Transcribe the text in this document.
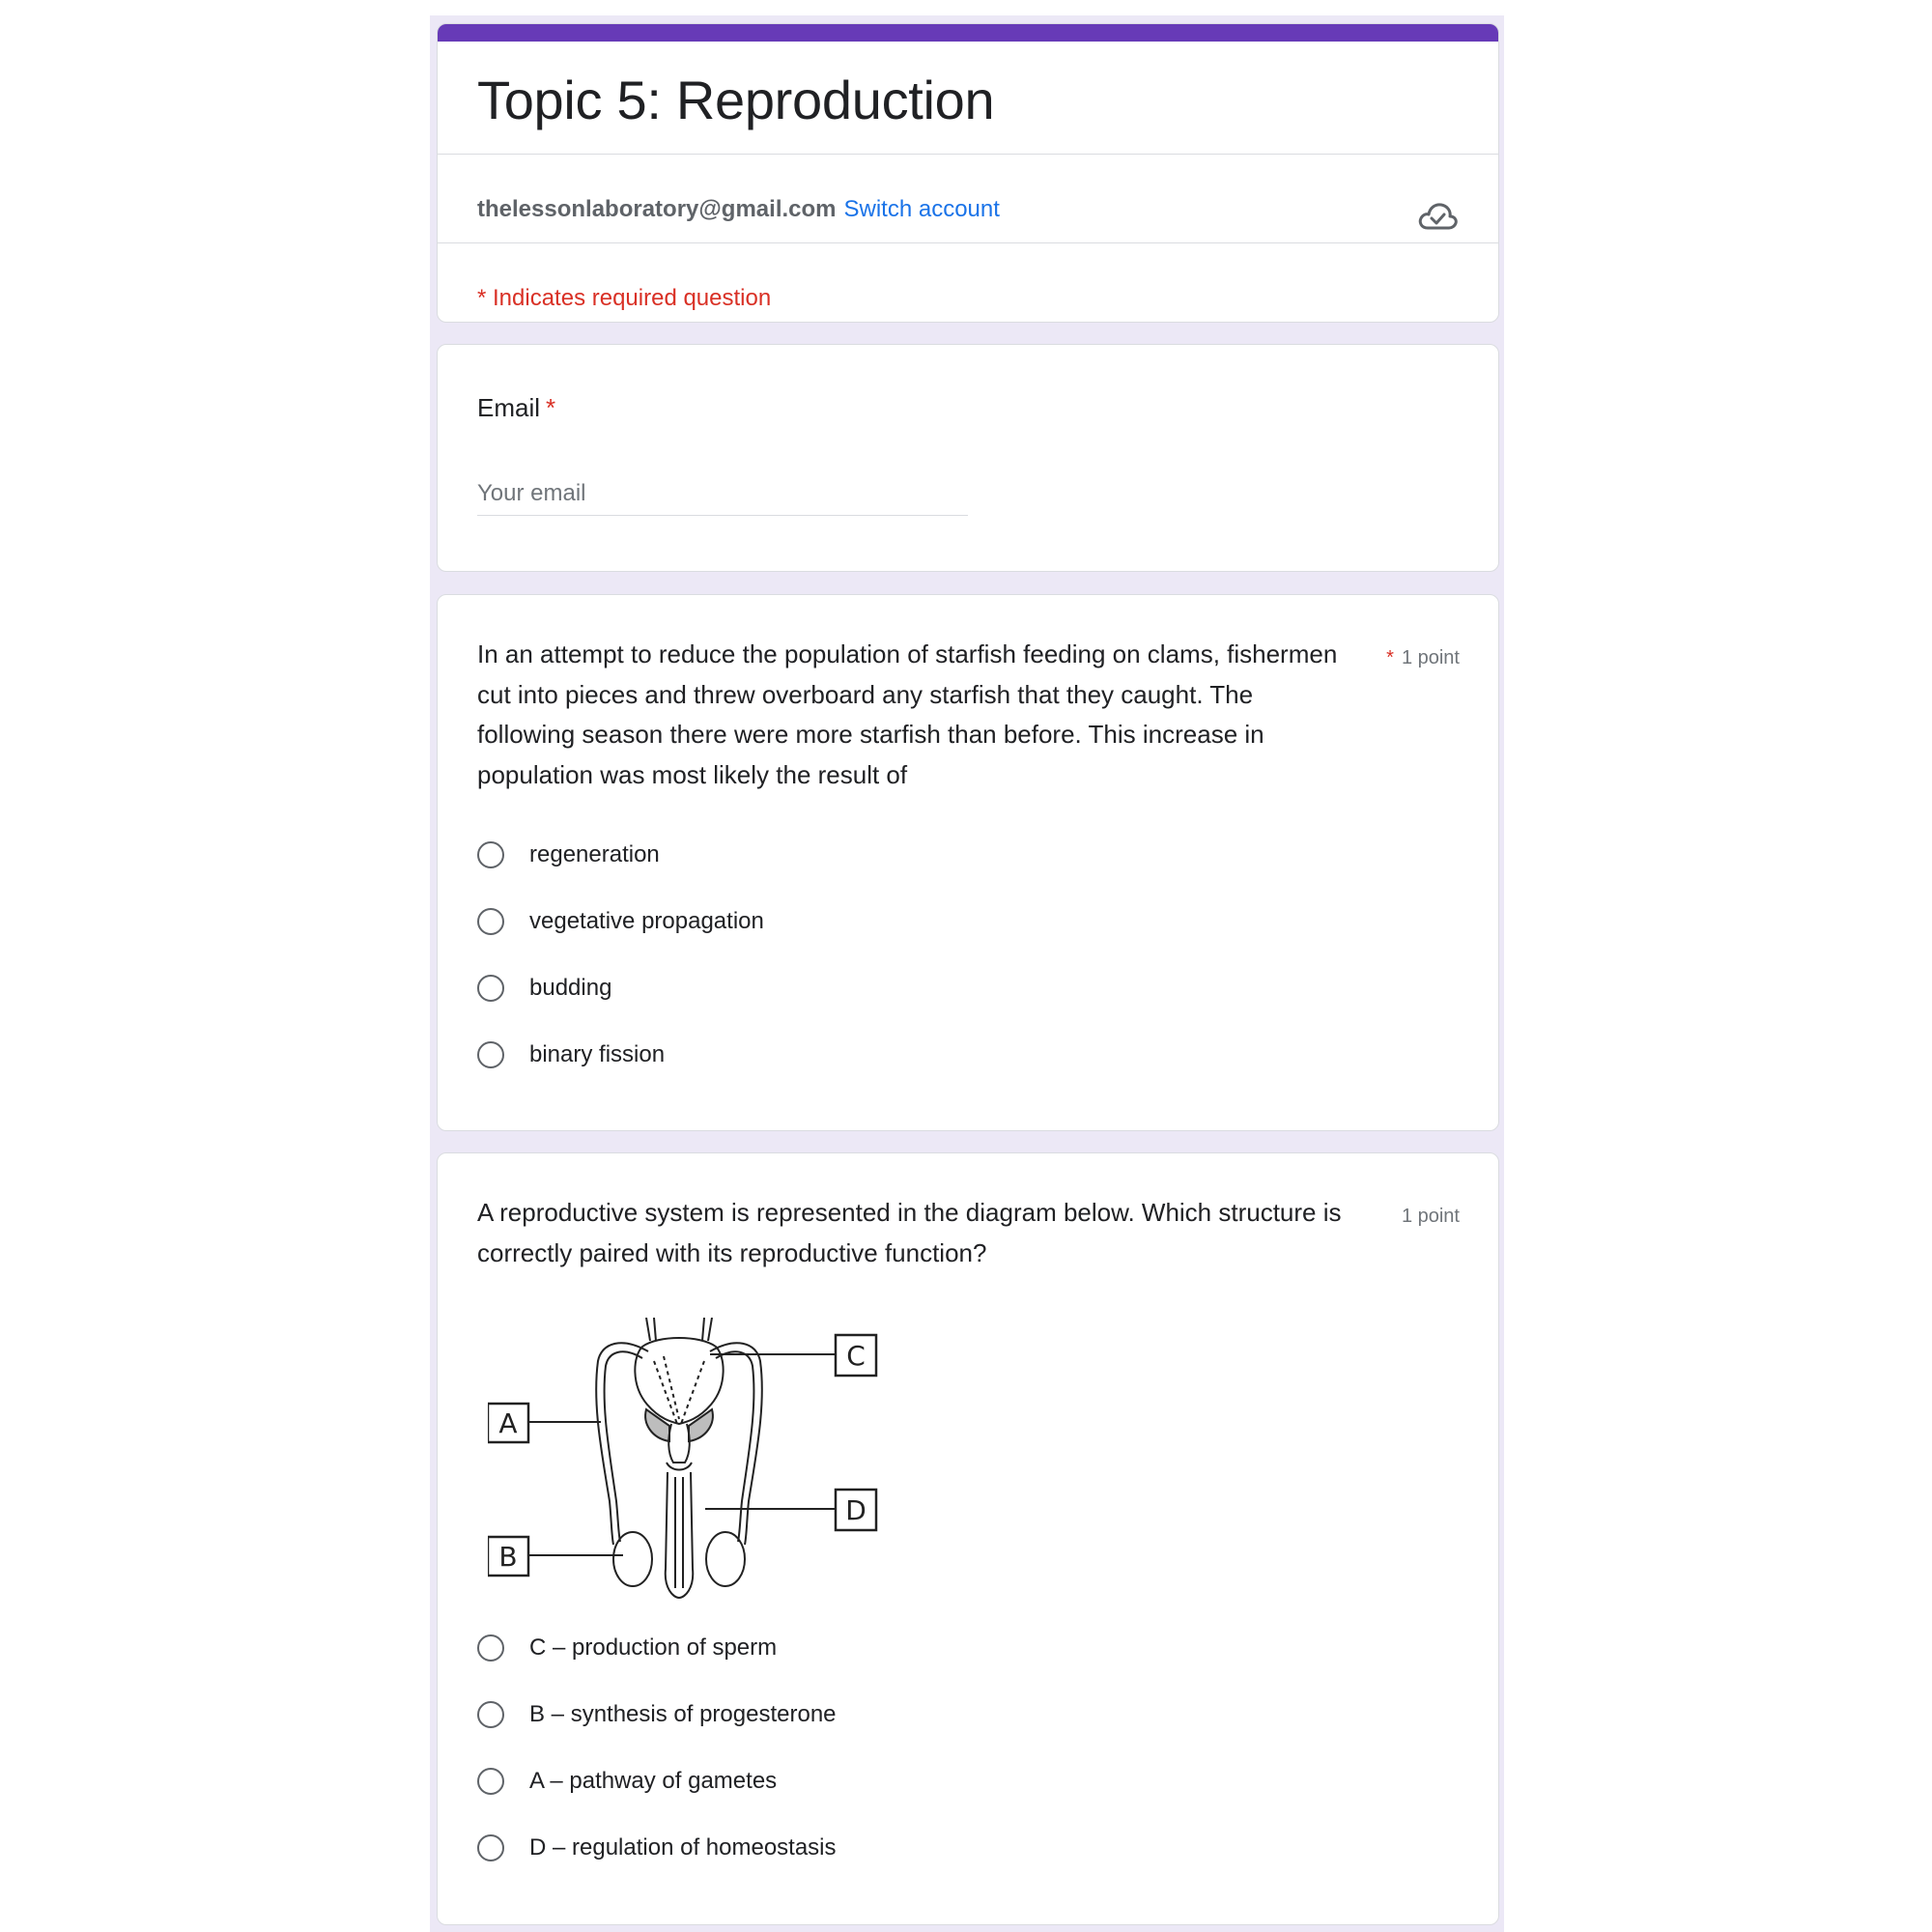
Topic 5: Reproduction
thelessonlaboratory@gmail.com Switch account
* Indicates required question
Email *
Your email
In an attempt to reduce the population of starfish feeding on clams, fishermen cut into pieces and threw overboard any starfish that they caught. The following season there were more starfish than before. This increase in population was most likely the result of
* 1 point
regeneration
vegetative propagation
budding
binary fission
A reproductive system is represented in the diagram below. Which structure is correctly paired with its reproductive function?
1 point
A
B
C
D
C – production of sperm
B – synthesis of progesterone
A – pathway of gametes
D – regulation of homeostasis
